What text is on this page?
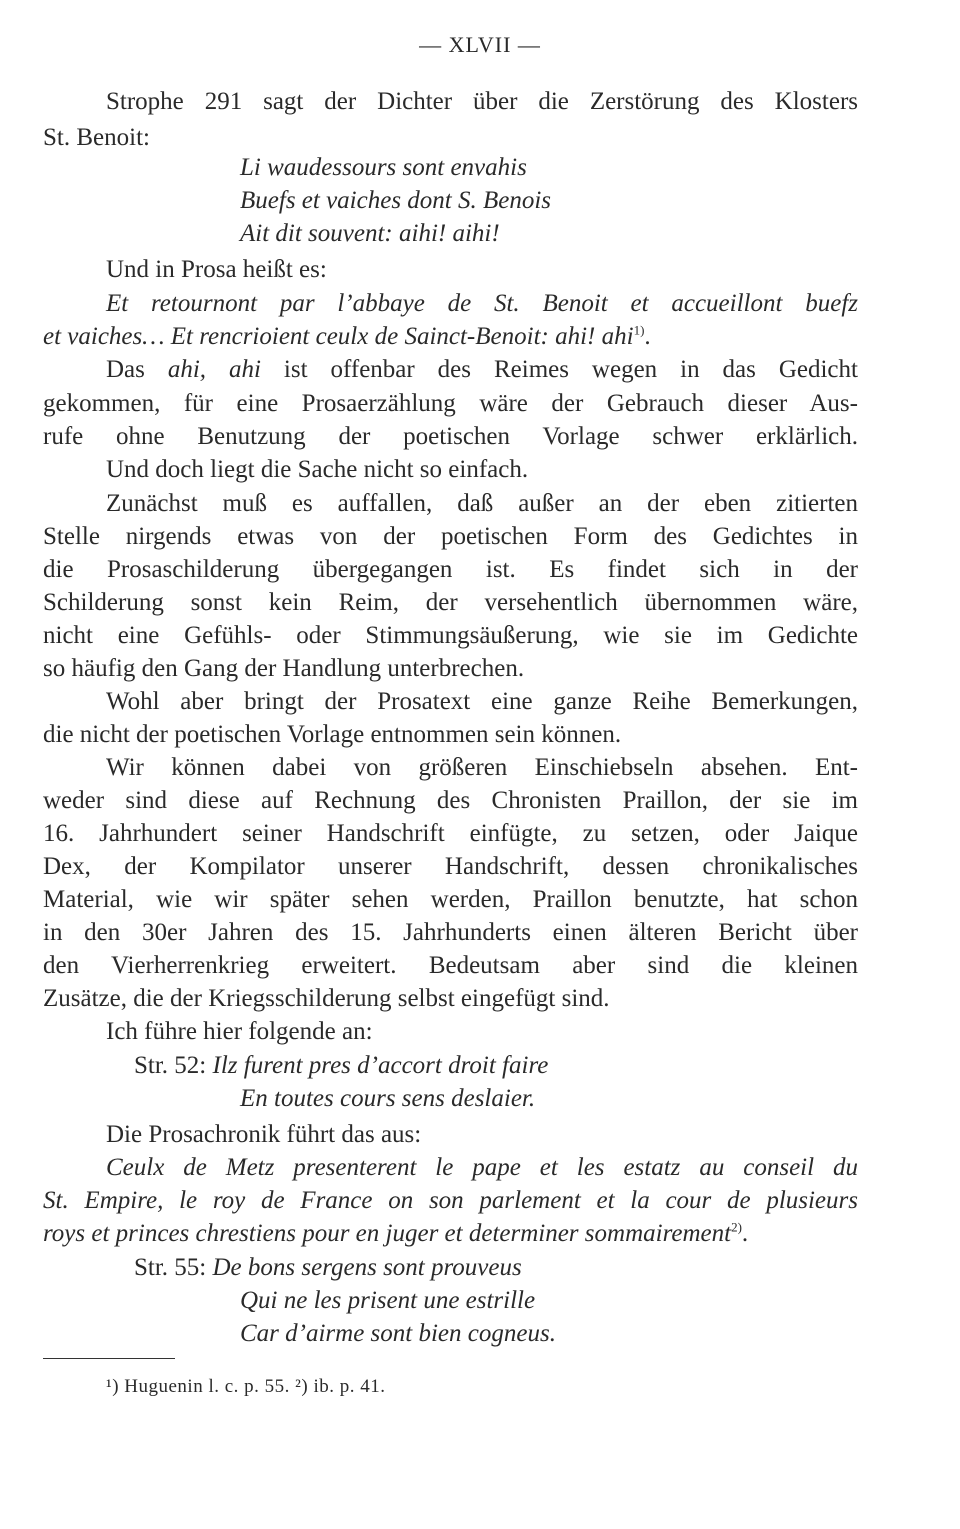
— XLVII —
Strophe 291 sagt der Dichter über die Zerstörung des Klosters
St. Benoit:
Li waudessours sont envahis
Buefs et vaiches dont S. Benois
Ait dit souvent: aihi! aihi!
Und in Prosa heißt es:
Et retournont par l’abbaye de St. Benoit et accueillont buefz
et vaiches… Et rencrioient ceulx de Sainct-Benoit: ahi! ahi$^{1)}$.
Das ahi, ahi ist offenbar des Reimes wegen in das Gedicht
gekommen, für eine Prosaerzählung wäre der Gebrauch dieser Aus-
rufe ohne Benutzung der poetischen Vorlage schwer erklärlich.
Und doch liegt die Sache nicht so einfach.
Zunächst muß es auffallen, daß außer an der eben zitierten
Stelle nirgends etwas von der poetischen Form des Gedichtes in
die Prosaschilderung übergegangen ist. Es findet sich in der
Schilderung sonst kein Reim, der versehentlich übernommen wäre,
nicht eine Gefühls- oder Stimmungsäußerung, wie sie im Gedichte
so häufig den Gang der Handlung unterbrechen.
Wohl aber bringt der Prosatext eine ganze Reihe Bemerkungen,
die nicht der poetischen Vorlage entnommen sein können.
Wir können dabei von größeren Einschiebseln absehen. Ent-
weder sind diese auf Rechnung des Chronisten Praillon, der sie im
16. Jahrhundert seiner Handschrift einfügte, zu setzen, oder Jaique
Dex, der Kompilator unserer Handschrift, dessen chronikalisches
Material, wie wir später sehen werden, Praillon benutzte, hat schon
in den 30er Jahren des 15. Jahrhunderts einen älteren Bericht über
den Vierherrenkrieg erweitert. Bedeutsam aber sind die kleinen
Zusätze, die der Kriegsschilderung selbst eingefügt sind.
Ich führe hier folgende an:
Str. 52: Ilz furent pres d’accort droit faire
En toutes cours sens deslaier.
Die Prosachronik führt das aus:
Ceulx de Metz presenterent le pape et les estatz au conseil du
St. Empire, le roy de France on son parlement et la cour de plusieurs
roys et princes chrestiens pour en juger et determiner sommairement$^{2)}$.
Str. 55: De bons sergens sont prouveus
Qui ne les prisent une estrille
Car d’airme sont bien cogneus.
¹) Huguenin l. c. p. 55. ²) ib. p. 41.
